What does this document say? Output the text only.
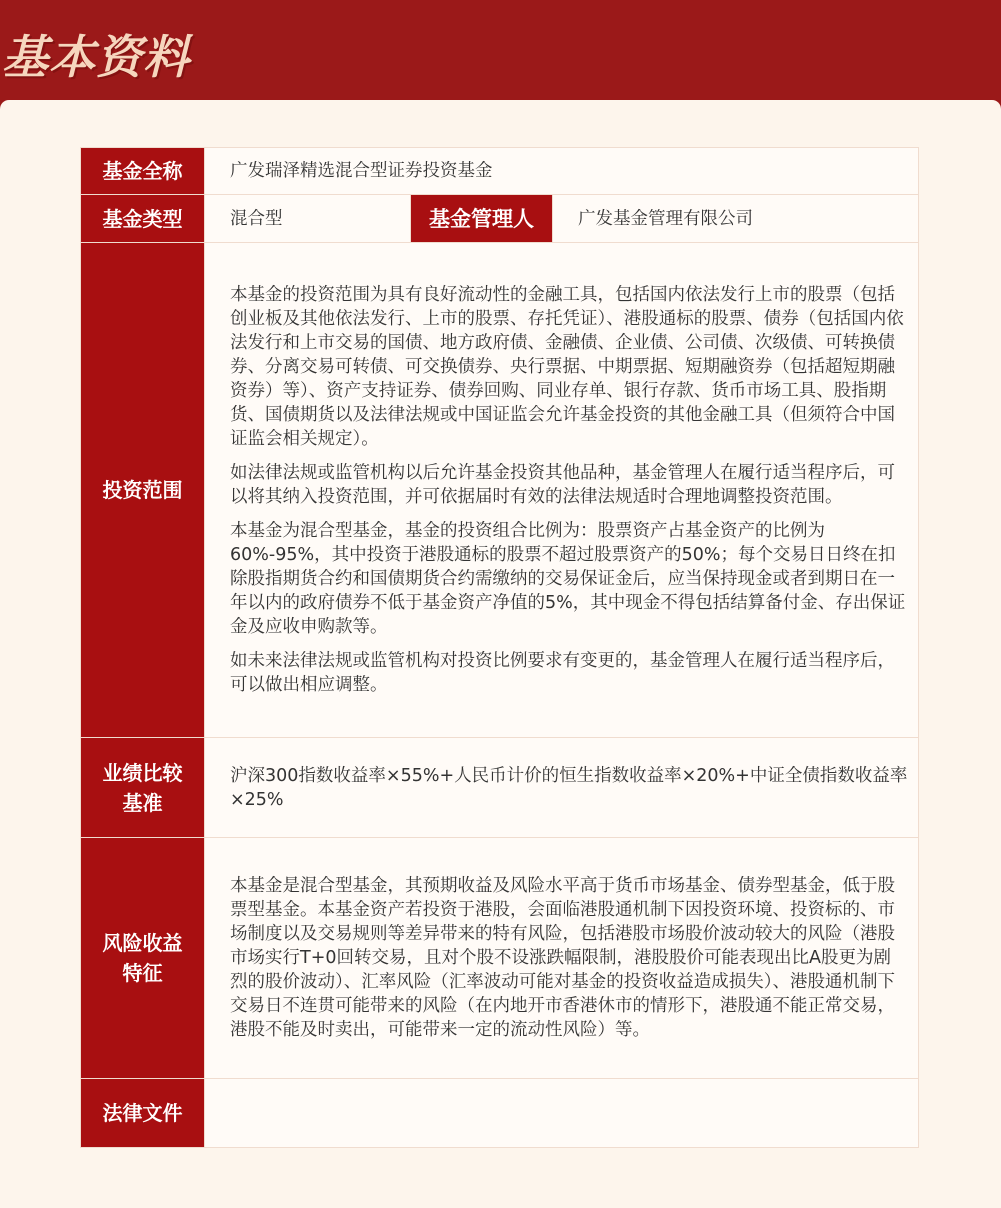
基本资料
基金全称	广发瑞泽精选混合型证券投资基金		
基金类型	混合型	基金管理人	广发基金管理有限公司
投资范围	本基金的投资范围为具有良好流动性的金融工具，包括国内依法发行上市的股票（包括创业板及其他依法发行、上市的股票、存托凭证）、港股通标的股票、债券（包括国内依法发行和上市交易的国债、地方政府债、金融债、企业债、公司债、次级债、可转换债券、分离交易可转债、可交换债券、央行票据、中期票据、短期融资券（包括超短期融资券）等）、资产支持证券、债券回购、同业存单、银行存款、货币市场工具、股指期货、国债期货以及法律法规或中国证监会允许基金投资的其他金融工具（但须符合中国证监会相关规定）。

如法律法规或监管机构以后允许基金投资其他品种，基金管理人在履行适当程序后，可以将其纳入投资范围，并可依据届时有效的法律法规适时合理地调整投资范围。

本基金为混合型基金，基金的投资组合比例为：股票资产占基金资产的比例为60%-95%，其中投资于港股通标的股票不超过股票资产的50%；每个交易日日终在扣除股指期货合约和国债期货合约需缴纳的交易保证金后，应当保持现金或者到期日在一年以内的政府债券不低于基金资产净值的5%，其中现金不得包括结算备付金、存出保证金及应收申购款等。

如未来法律法规或监管机构对投资比例要求有变更的，基金管理人在履行适当程序后，可以做出相应调整。		

业绩比较
基准	沪深300指数收益率×55%+人民币计价的恒生指数收益率×20%+中证全债指数收益率×25%		

风险收益
特征	本基金是混合型基金，其预期收益及风险水平高于货币市场基金、债券型基金，低于股票型基金。本基金资产若投资于港股，会面临港股通机制下因投资环境、投资标的、市场制度以及交易规则等差异带来的特有风险，包括港股市场股价波动较大的风险（港股市场实行T+0回转交易，且对个股不设涨跌幅限制，港股股价可能表现出比A股更为剧烈的股价波动）、汇率风险（汇率波动可能对基金的投资收益造成损失）、港股通机制下交易日不连贯可能带来的风险（在内地开市香港休市的情形下，港股通不能正常交易，港股不能及时卖出，可能带来一定的流动性风险）等。		
法律文件			
